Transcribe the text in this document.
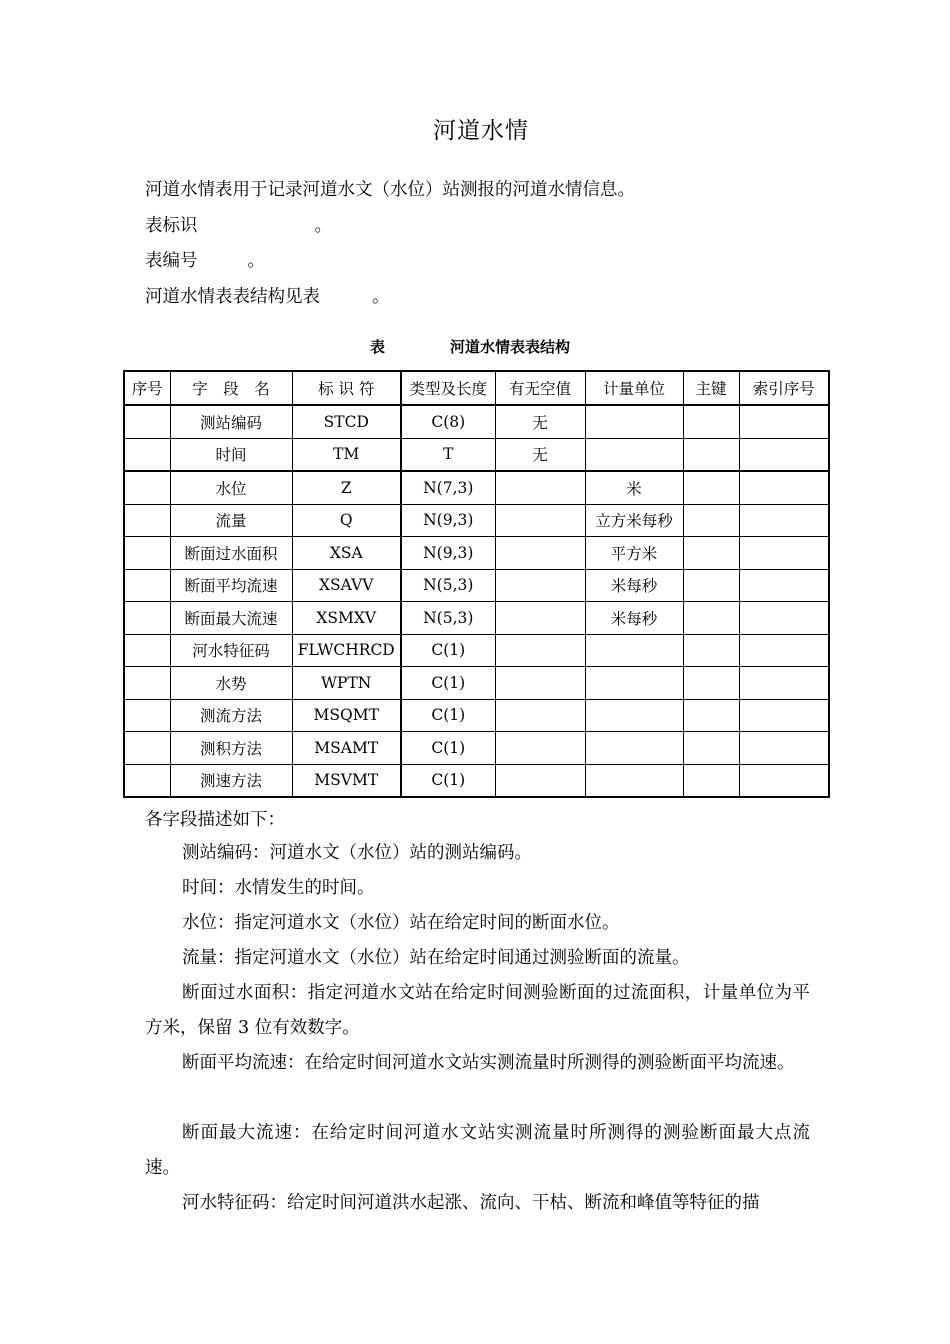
河道水情
河道水情表用于记录河道水文（水位）站测报的河道水情信息。
表标识	。
表编号	。
河道水情表表结构见表	。
表	河道水情表表结构
序号	字　段　名	标 识 符	类型及长度	有无空值	计量单位	主键	索引序号
	测站编码	STCD	C(8)	无			
	时间	TM	T	无			
	水位	Z	N(7,3)		米		
	流量	Q	N(9,3)		立方米每秒		
	断面过水面积	XSA	N(9,3)		平方米		
	断面平均流速	XSAVV	N(5,3)		米每秒		
	断面最大流速	XSMXV	N(5,3)		米每秒		
	河水特征码	FLWCHRCD	C(1)				
	水势	WPTN	C(1)				
	测流方法	MSQMT	C(1)				
	测积方法	MSAMT	C(1)				
	测速方法	MSVMT	C(1)				
各字段描述如下：
测站编码：河道水文（水位）站的测站编码。
时间：水情发生的时间。
水位：指定河道水文（水位）站在给定时间的断面水位。
流量：指定河道水文（水位）站在给定时间通过测验断面的流量。
断面过水面积：指定河道水文站在给定时间测验断面的过流面积，计量单位为平方米，保留 3 位有效数字。
断面平均流速：在给定时间河道水文站实测流量时所测得的测验断面平均流速。
断面最大流速：在给定时间河道水文站实测流量时所测得的测验断面最大点流速。
河水特征码：给定时间河道洪水起涨、流向、干枯、断流和峰值等特征的描
